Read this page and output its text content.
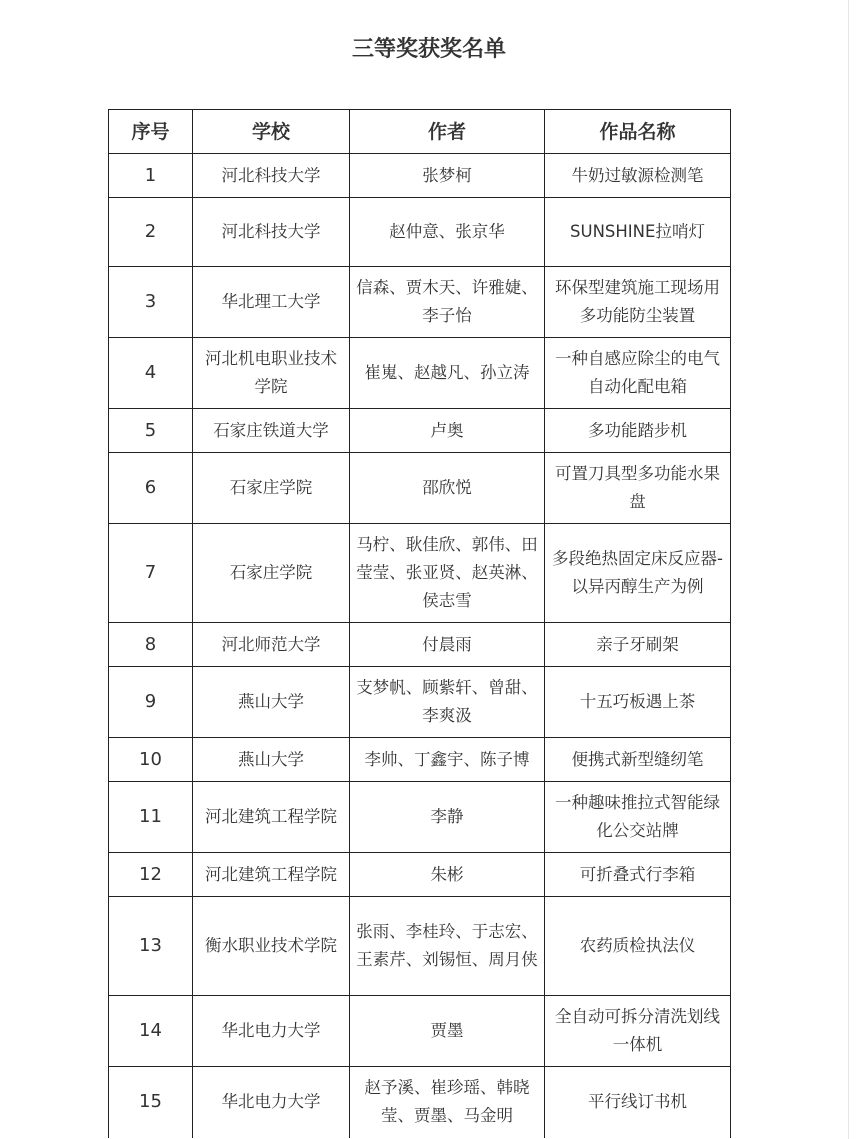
三等奖获奖名单
序号	学校	作者	作品名称
1	河北科技大学	张梦柯	牛奶过敏源检测笔
2	河北科技大学	赵仲意、张京华	SUNSHINE拉哨灯
3	华北理工大学	信森、贾木天、许雅婕、李子怡	环保型建筑施工现场用多功能防尘装置
4	河北机电职业技术学院	崔嵬、赵越凡、孙立涛	一种自感应除尘的电气自动化配电箱
5	石家庄铁道大学	卢奥	多功能踏步机
6	石家庄学院	邵欣悦	可置刀具型多功能水果盘
7	石家庄学院	马柠、耿佳欣、郭伟、田莹莹、张亚贤、赵英淋、侯志雪	多段绝热固定床反应器-以异丙醇生产为例
8	河北师范大学	付晨雨	亲子牙刷架
9	燕山大学	支梦帆、顾紫轩、曾甜、李爽汲	十五巧板遇上茶
10	燕山大学	李帅、丁鑫宇、陈子博	便携式新型缝纫笔
11	河北建筑工程学院	李静	一种趣味推拉式智能绿化公交站牌
12	河北建筑工程学院	朱彬	可折叠式行李箱
13	衡水职业技术学院	张雨、李桂玲、于志宏、王素芹、刘锡恒、周月侠	农药质检执法仪
14	华北电力大学	贾墨	全自动可拆分清洗划线一体机
15	华北电力大学	赵予溪、崔珍瑶、韩晓莹、贾墨、马金明	平行线订书机
